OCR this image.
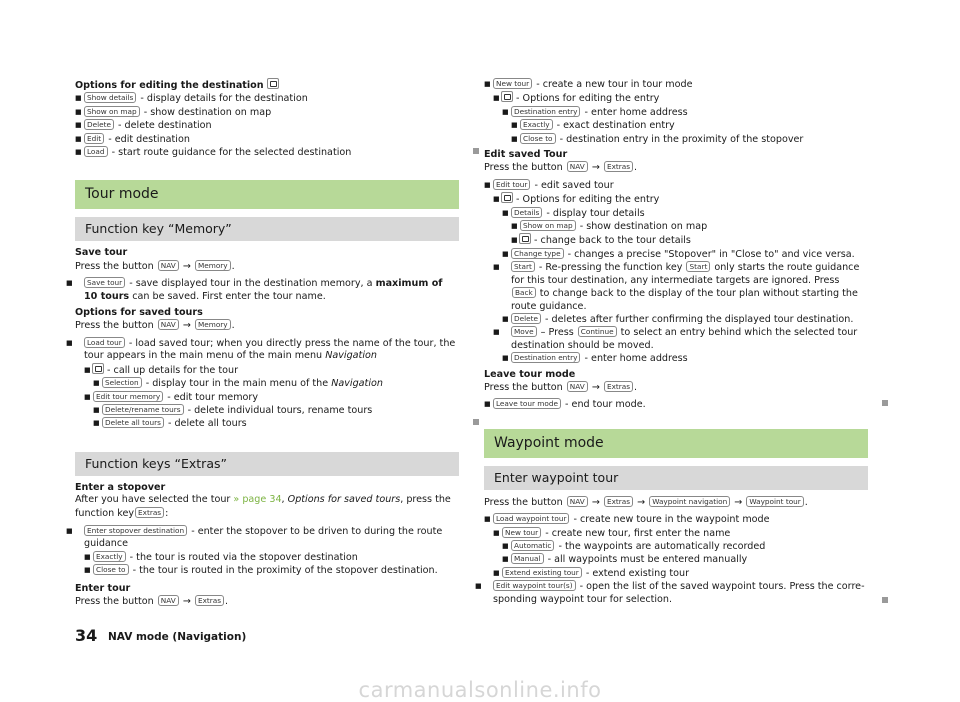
Options for editing the destination
■Show details - display details for the destination
■Show on map - show destination on map
■Delete - delete destination
■Edit - edit destination
■Load - start route guidance for the selected destination
Tour mode
Function key “Memory”
Save tour
Press the button NAV → Memory .
■Save tour - save displayed tour in the destination memory, a maximum of 10 tours can be saved. First enter the tour name.
Options for saved tours
Press the button NAV → Memory .
■Load tour - load saved tour; when you directly press the name of the tour, the tour appears in the main menu of the main menu Navigation
■ - call up details for the tour
■Selection - display tour in the main menu of the Navigation
■Edit tour memory - edit tour memory
■Delete/rename tours - delete individual tours, rename tours
■Delete all tours - delete all tours
Function keys “Extras”
Enter a stopover
After you have selected the tour » page 34, Options for saved tours, press the function key Extras :
■Enter stopover destination - enter the stopover to be driven to during the route guidance
■Exactly - the tour is routed via the stopover destination
■Close to - the tour is routed in the proximity of the stopover destination.
Enter tour
Press the button NAV → Extras .
■New tour - create a new tour in tour mode
■ - Options for editing the entry
■Destination entry - enter home address
■Exactly - exact destination entry
■Close to - destination entry in the proximity of the stopover
Edit saved Tour
Press the button NAV → Extras .
■Edit tour - edit saved tour
■ - Options for editing the entry
■Details - display tour details
■Show on map - show destination on map
■ - change back to the tour details
■Change type - changes a precise "Stopover" in "Close to" and vice versa.
■Start - Re-pressing the function key Start only starts the route guidance for this tour destination, any intermediate targets are ignored. Press Back to change back to the display of the tour plan without starting the route guidance.
■Delete - deletes after further confirming the displayed tour destination.
■Move – Press Continue to select an entry behind which the selected tour destination should be moved.
■Destination entry - enter home address
Leave tour mode
Press the button NAV → Extras .
■Leave tour mode - end tour mode.
Waypoint mode
Enter waypoint tour
Press the button NAV → Extras → Waypoint navigation → Waypoint tour .
■Load waypoint tour - create new toure in the waypoint mode
■New tour - create new tour, first enter the name
■Automatic - the waypoints are automatically recorded
■Manual - all waypoints must be entered manually
■Extend existing tour - extend existing tour
■Edit waypoint tour(s) - open the list of the saved waypoint tours. Press the corresponding waypoint tour for selection.
34 NAV mode (Navigation)
carmanualsonline.info
